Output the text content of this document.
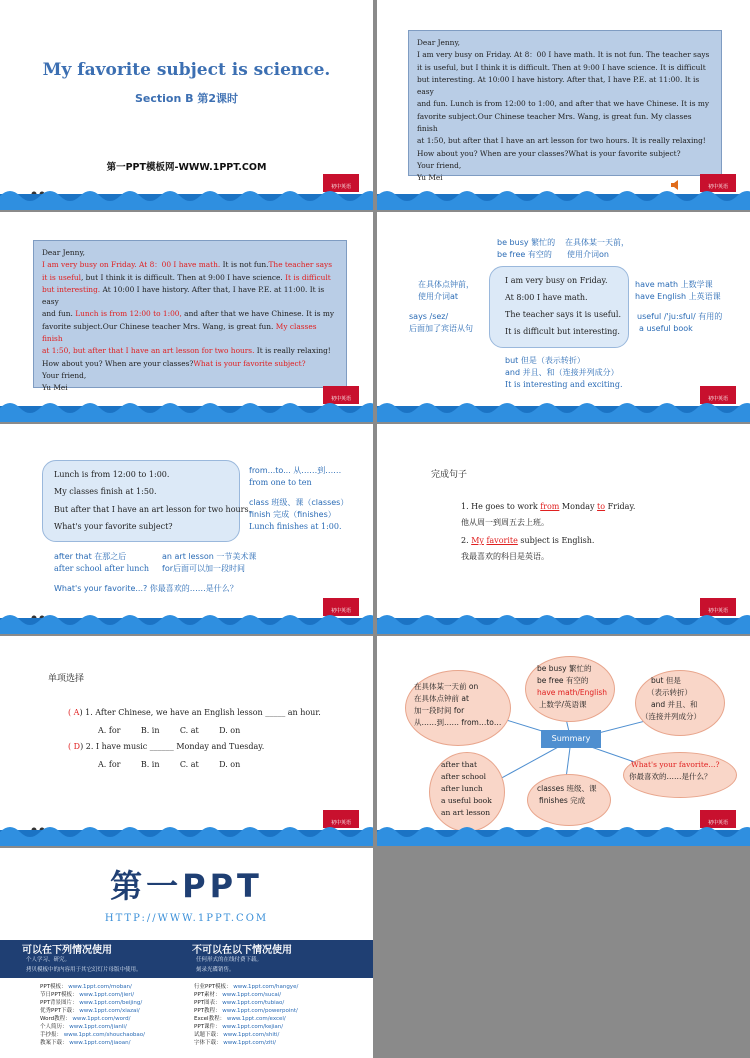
My favorite subject is science.
Section B 第2课时
第一PPT模板网-WWW.1PPT.COM
初中英语

Dear Jenny,

I am very busy on Friday. At 8：00 I have math. It is not fun. The teacher says

it is useful, but I think it is difficult. Then at 9:00 I have science. It is difficult

but interesting. At 10:00 I have history. After that, I have P.E. at 11:00. It is easy

and fun. Lunch is from 12:00 to 1:00, and after that we have Chinese. It is my

favorite subject.Our Chinese teacher Mrs. Wang, is great fun. My classes finish

at 1:50, but after that I have an art lesson for two hours. It is really relaxing!

How about you? When are your classes?What is your favorite subject?

Your friend,

Yu Mei

初中英语

Dear Jenny,

I am very busy on Friday. At 8：00 I have math. It is not fun.The teacher says

it is useful, but I think it is difficult. Then at 9:00 I have science. It is difficult

but interesting. At 10:00 I have history. After that, I have P.E. at 11:00. It is easy

and fun. Lunch is from 12:00 to 1:00, and after that we have Chinese. It is my

favorite subject.Our Chinese teacher Mrs. Wang, is great fun. My classes finish

at 1:50, but after that I have an art lesson for two hours. It is really relaxing!

How about you? When are your classes?What is your favorite subject?

Your friend,

Yu Mei

初中英语
be busy 繁忙的
be free 有空的
在具体某一天前，
使用介词on
在具体点钟前，
使用介词at
says /sez/
后面加了宾语从句
I am very busy on Friday.
At 8:00 I have math.
The teacher says it is useful.
It is difficult but interesting.
have math 上数学课
have English 上英语课
useful /'ju:sful/ 有用的
a useful book
but 但是（表示转折）
and 并且、和（连接并列成分）
It is interesting and exciting.
初中英语
Lunch is from 12:00 to 1:00.
My classes finish at 1:50.
But after that I have an art lesson for two hours.
What's your favorite subject?
from...to... 从……到……
from one to ten
class 班级、课（classes）
finish 完成（finishes）
Lunch finishes at 1:00.
after that 在那之后
after school after lunch
an art lesson 一节美术课
for后面可以加一段时间
What's your favorite...? 你最喜欢的……是什么？
初中英语
完成句子
1. He goes to work from Monday to Friday.
他从周一到周五去上班。
2. My favorite subject is English.
我最喜欢的科目是英语。
初中英语
单项选择
( A) 1. After Chinese, we have an English lesson _____ an hour.
A. for	B. in	C. at	D. on
( D) 2. I have music ______ Monday and Tuesday.
A. for	B. in	C. at	D. on
初中英语
在具体某一天前 on
在具体点钟前 at
加一段时间 for
从……到…… from…to…
be busy 繁忙的
be free 有空的
have math/English
上数学/英语课
but 但是
（表示转折）
and 并且、和
（连接并列成分）
Summary
after that
after school
after lunch
a useful book
an art lesson
classes 班级、课
finishes 完成
What's your favorite...?
你最喜欢的……是什么？
初中英语
第一PPT
HTTP://WWW.1PPT.COM
可以在下列情况使用
个人学习、研究。
拷贝模板中的内容用于其它幻灯片母版中使用。
不可以在以下情况使用
任何形式的在线付费下载。
刻录光碟销售。
PPT模板： www.1ppt.com/moban/
节日PPT模板： www.1ppt.com/jieri/
PPT背景图片： www.1ppt.com/beijing/
优秀PPT下载： www.1ppt.com/xiazai/
Word教程： www.1ppt.com/word/
个人简历： www.1ppt.com/jianli/
手抄报： www.1ppt.com/shouchaobao/
教案下载： www.1ppt.com/jiaoan/
行业PPT模板： www.1ppt.com/hangye/
PPT素材： www.1ppt.com/sucai/
PPT图表： www.1ppt.com/tubiao/
PPT教程： www.1ppt.com/powerpoint/
Excel教程： www.1ppt.com/excel/
PPT课件： www.1ppt.com/kejian/
试题下载： www.1ppt.com/shiti/
字体下载： www.1ppt.com/ziti/
